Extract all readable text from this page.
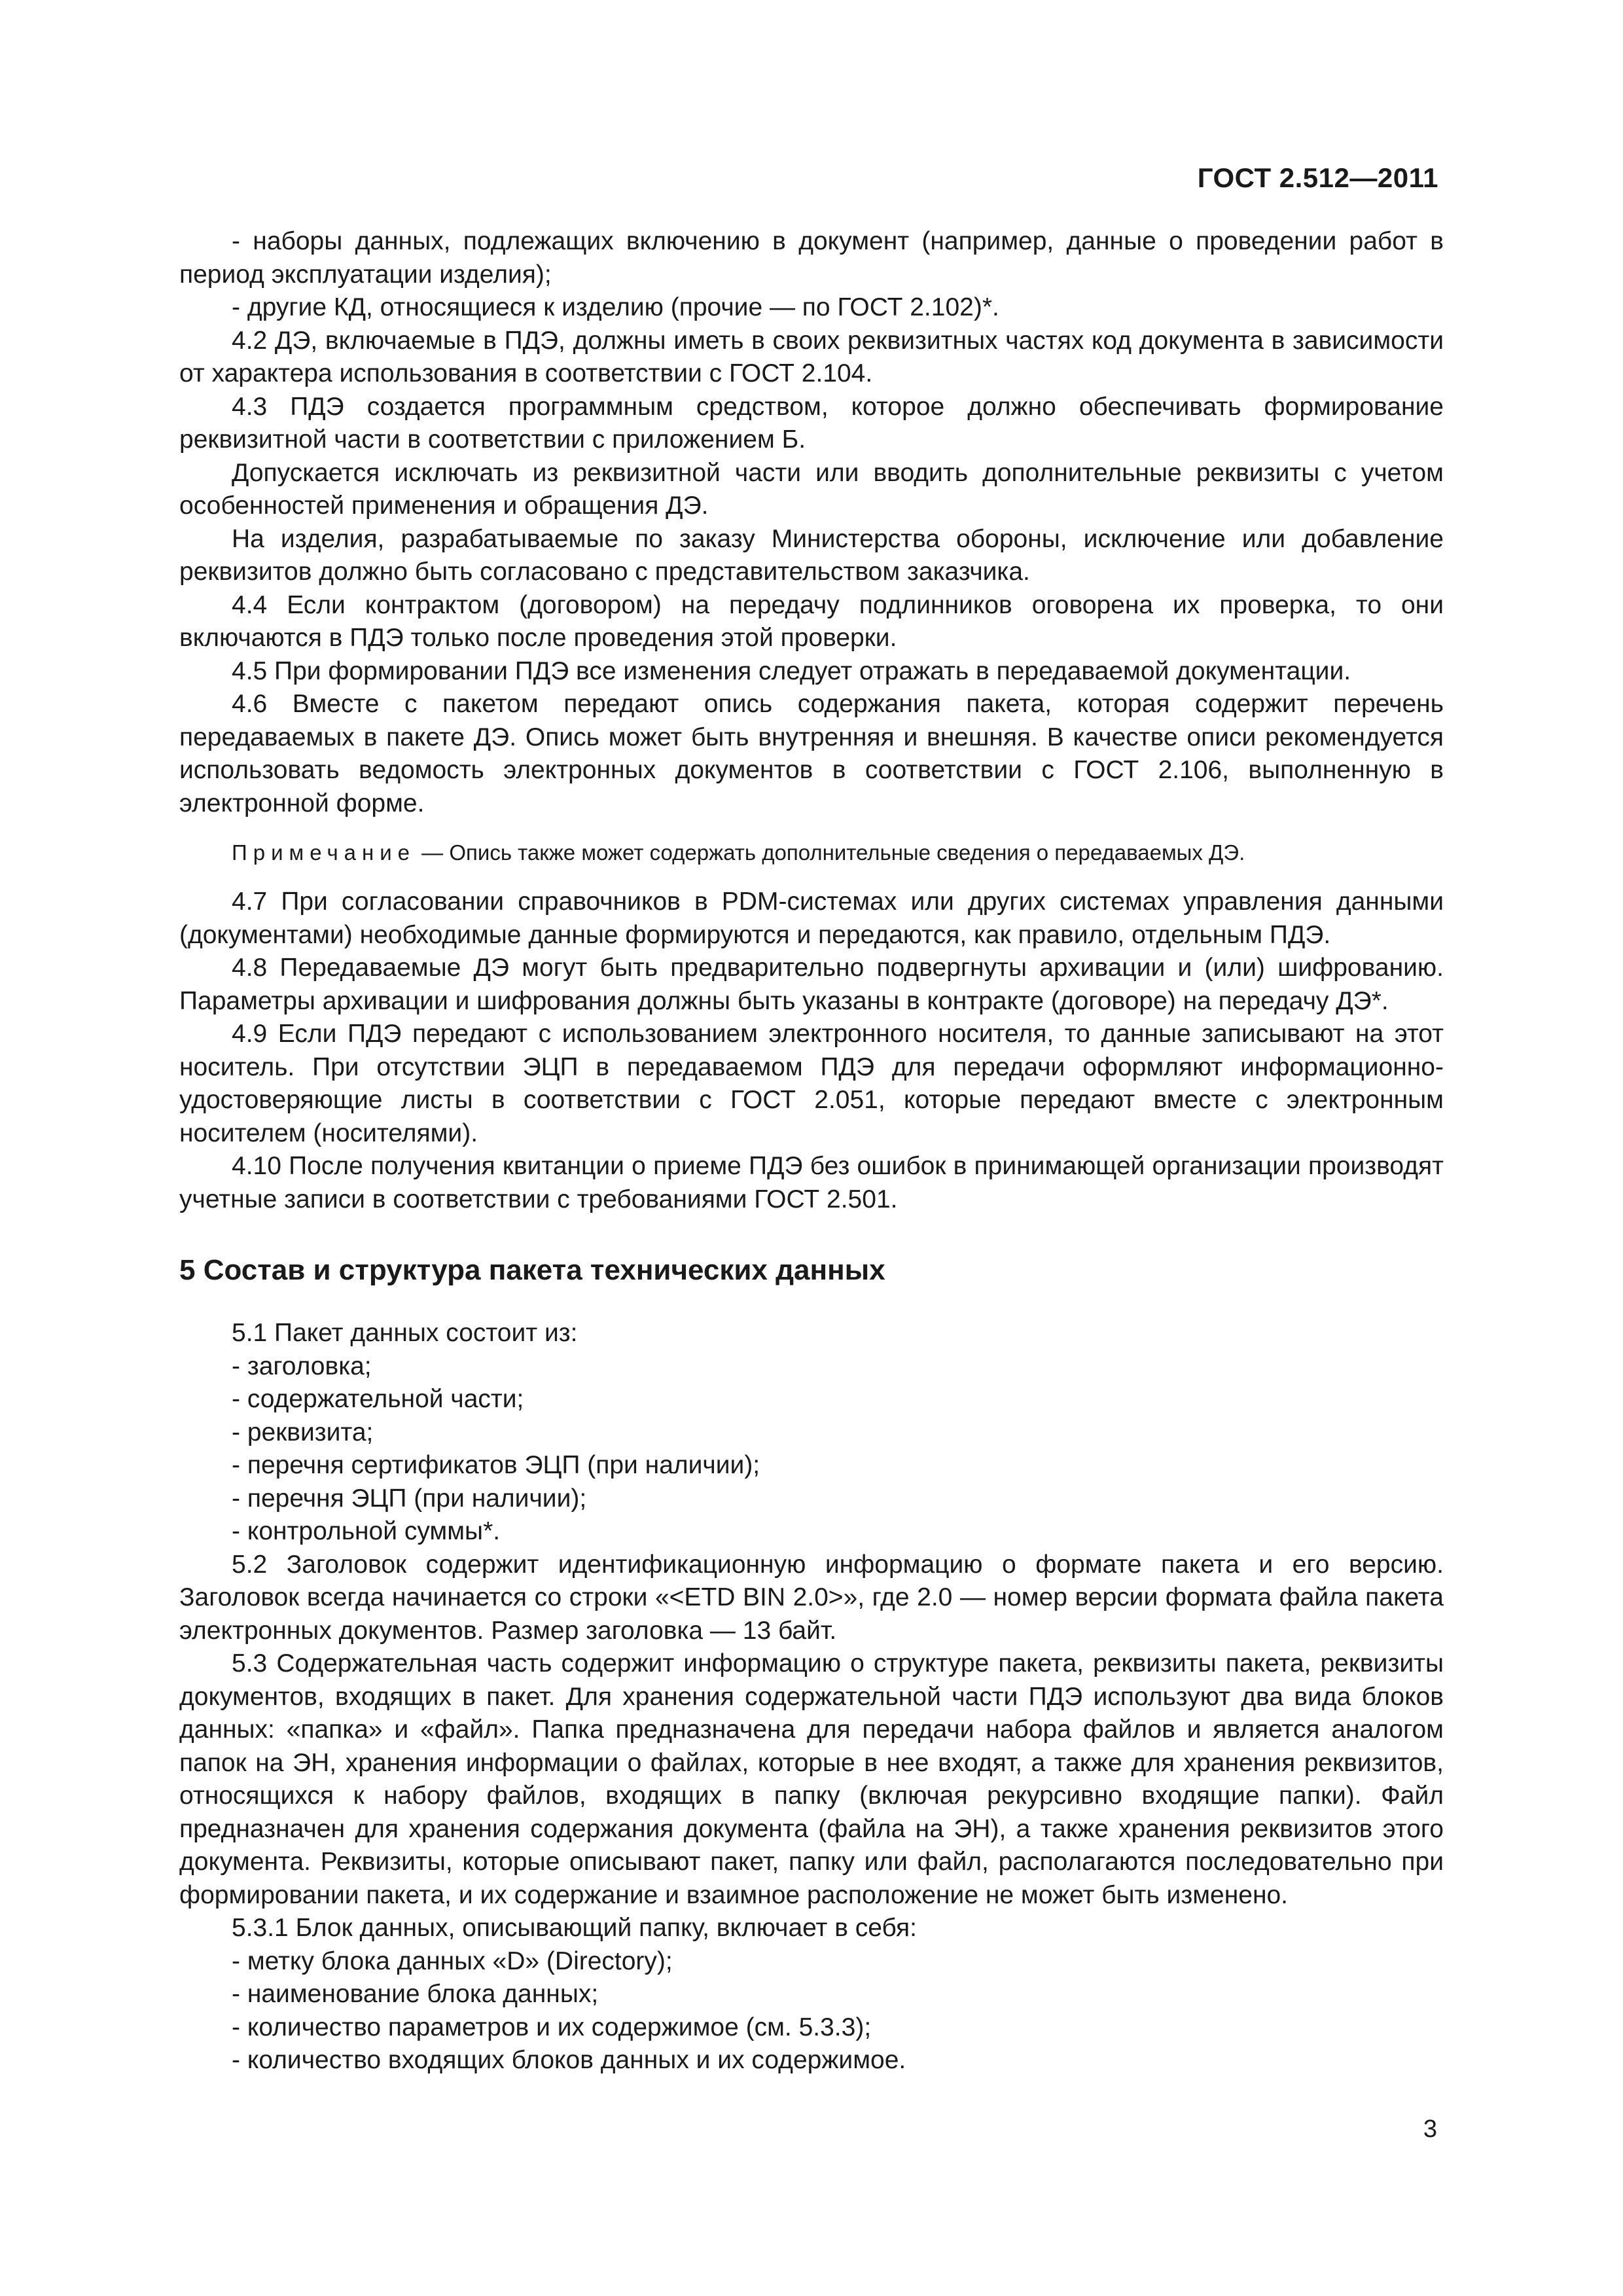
ГОСТ 2.512—2011

- наборы данных, подлежащих включению в документ (например, данные о проведении работ в период эксплуатации изделия);

- другие КД, относящиеся к изделию (прочие — по ГОСТ 2.102)*.

4.2 ДЭ, включаемые в ПДЭ, должны иметь в своих реквизитных частях код документа в зависимости от характера использования в соответствии с ГОСТ 2.104.

4.3 ПДЭ создается программным средством, которое должно обеспечивать формирование реквизитной части в соответствии с приложением Б.

Допускается исключать из реквизитной части или вводить дополнительные реквизиты с учетом особенностей применения и обращения ДЭ.

На изделия, разрабатываемые по заказу Министерства обороны, исключение или добавление реквизитов должно быть согласовано с представительством заказчика.

4.4 Если контрактом (договором) на передачу подлинников оговорена их проверка, то они включаются в ПДЭ только после проведения этой проверки.

4.5 При формировании ПДЭ все изменения следует отражать в передаваемой документации.

4.6 Вместе с пакетом передают опись содержания пакета, которая содержит перечень передаваемых в пакете ДЭ. Опись может быть внутренняя и внешняя. В качестве описи рекомендуется использовать ведомость электронных документов в соответствии с ГОСТ 2.106, выполненную в электронной форме.

Примечание — Опись также может содержать дополнительные сведения о передаваемых ДЭ.

4.7 При согласовании справочников в PDM-системах или других системах управления данными (документами) необходимые данные формируются и передаются, как правило, отдельным ПДЭ.

4.8 Передаваемые ДЭ могут быть предварительно подвергнуты архивации и (или) шифрованию. Параметры архивации и шифрования должны быть указаны в контракте (договоре) на передачу ДЭ*.

4.9 Если ПДЭ передают с использованием электронного носителя, то данные записывают на этот носитель. При отсутствии ЭЦП в передаваемом ПДЭ для передачи оформляют информационно-удостоверяющие листы в соответствии с ГОСТ 2.051, которые передают вместе с электронным носителем (носителями).

4.10 После получения квитанции о приеме ПДЭ без ошибок в принимающей организации производят учетные записи в соответствии с требованиями ГОСТ 2.501.

5 Состав и структура пакета технических данных

5.1 Пакет данных состоит из:

- заголовка;

- содержательной части;

- реквизита;

- перечня сертификатов ЭЦП (при наличии);

- перечня ЭЦП (при наличии);

- контрольной суммы*.

5.2 Заголовок содержит идентификационную информацию о формате пакета и его версию. Заголовок всегда начинается со строки «<ETD BIN 2.0>», где 2.0 — номер версии формата файла пакета электронных документов. Размер заголовка — 13 байт.

5.3 Содержательная часть содержит информацию о структуре пакета, реквизиты пакета, реквизиты документов, входящих в пакет. Для хранения содержательной части ПДЭ используют два вида блоков данных: «папка» и «файл». Папка предназначена для передачи набора файлов и является аналогом папок на ЭН, хранения информации о файлах, которые в нее входят, а также для хранения реквизитов, относящихся к набору файлов, входящих в папку (включая рекурсивно входящие папки). Файл предназначен для хранения содержания документа (файла на ЭН), а также хранения реквизитов этого документа. Реквизиты, которые описывают пакет, папку или файл, располагаются последовательно при формировании пакета, и их содержание и взаимное расположение не может быть изменено.

5.3.1 Блок данных, описывающий папку, включает в себя:

- метку блока данных «D» (Directory);

- наименование блока данных;

- количество параметров и их содержимое (см. 5.3.3);

- количество входящих блоков данных и их содержимое.

3
